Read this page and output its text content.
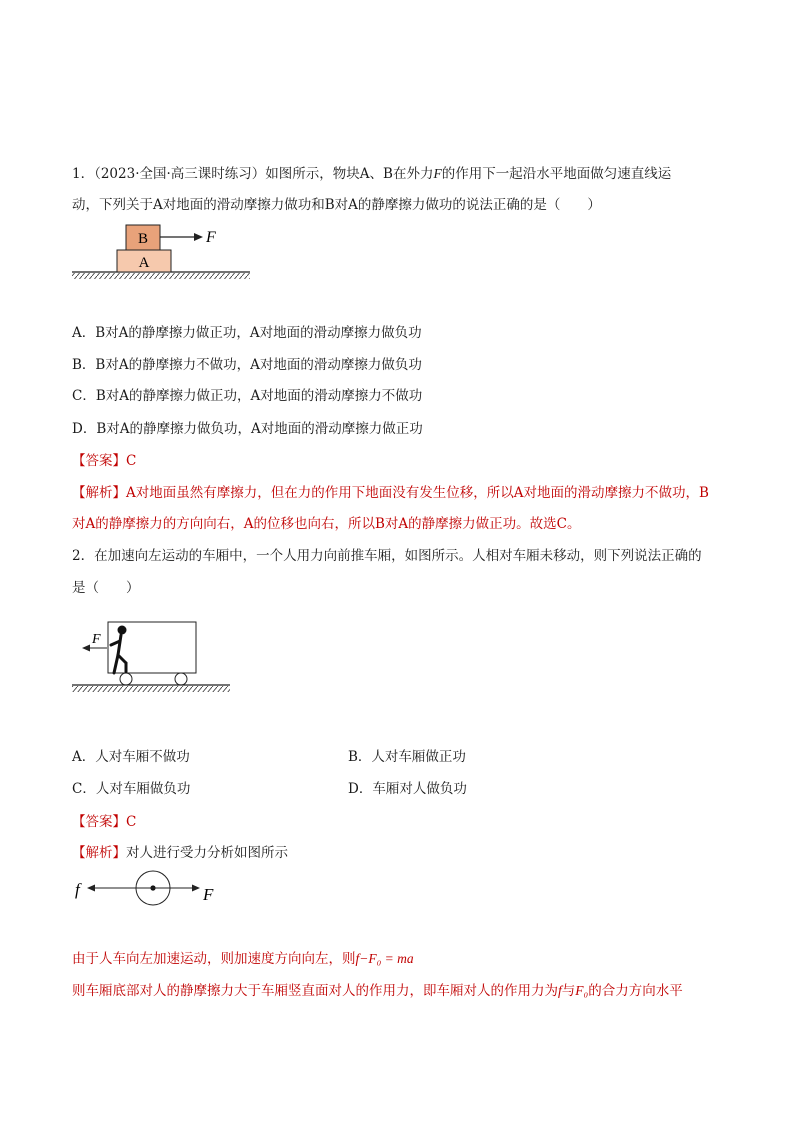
1．（2023·全国·高三课时练习）如图所示，物块A、B在外力F的作用下一起沿水平地面做匀速直线运
动，下列关于A对地面的滑动摩擦力做功和B对A的静摩擦力做功的说法正确的是（　　）
A
B	F
A．B对A的静摩擦力做正功，A对地面的滑动摩擦力做负功
B．B对A的静摩擦力不做功，A对地面的滑动摩擦力做负功
C．B对A的静摩擦力做正功，A对地面的滑动摩擦力不做功
D．B对A的静摩擦力做负功，A对地面的滑动摩擦力做正功
【答案】C
【解析】A对地面虽然有摩擦力，但在力的作用下地面没有发生位移，所以A对地面的滑动摩擦力不做功，B
对A的静摩擦力的方向向右，A的位移也向右，所以B对A的静摩擦力做正功。故选C。
2．在加速向左运动的车厢中，一个人用力向前推车厢，如图所示。人相对车厢未移动，则下列说法正确的
是（　　）
F
A．人对车厢不做功	B．人对车厢做正功
C．人对车厢做负功	D．车厢对人做负功
【答案】C
【解析】对人进行受力分析如图所示
f	F
由于人车向左加速运动，则加速度方向向左，则f−F₀ = ma
则车厢底部对人的静摩擦力大于车厢竖直面对人的作用力，即车厢对人的作用力为f与F₀的合力方向水平
